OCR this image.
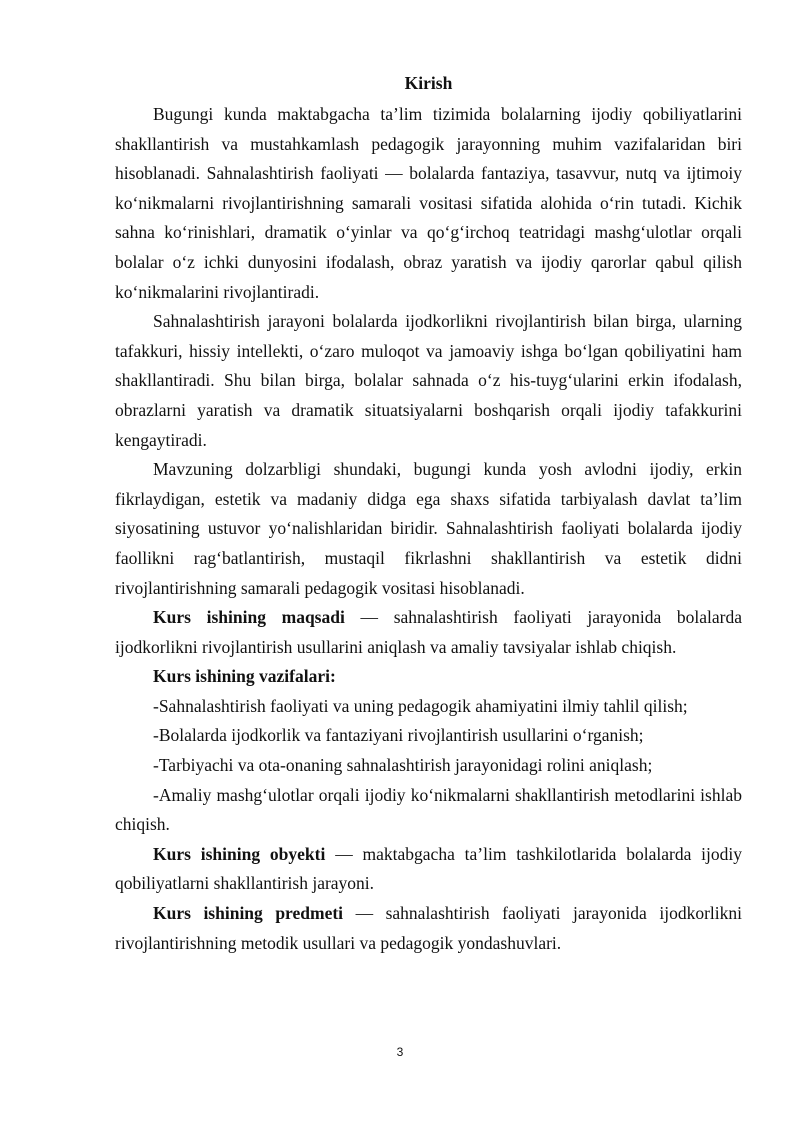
Kirish

Bugungi kunda maktabgacha ta’lim tizimida bolalarning ijodiy qobiliyatlarini shakllantirish va mustahkamlash pedagogik jarayonning muhim vazifalaridan biri hisoblanadi. Sahnalashtirish faoliyati — bolalarda fantaziya, tasavvur, nutq va ijtimoiy ko‘nikmalarni rivojlantirishning samarali vositasi sifatida alohida o‘rin tutadi. Kichik sahna ko‘rinishlari, dramatik o‘yinlar va qo‘g‘irchoq teatridagi mashg‘ulotlar orqali bolalar o‘z ichki dunyosini ifodalash, obraz yaratish va ijodiy qarorlar qabul qilish ko‘nikmalarini rivojlantiradi.

Sahnalashtirish jarayoni bolalarda ijodkorlikni rivojlantirish bilan birga, ularning tafakkuri, hissiy intellekti, o‘zaro muloqot va jamoaviy ishga bo‘lgan qobiliyatini ham shakllantiradi. Shu bilan birga, bolalar sahnada o‘z his-tuyg‘ularini erkin ifodalash, obrazlarni yaratish va dramatik situatsiyalarni boshqarish orqali ijodiy tafakkurini kengaytiradi.

Mavzuning dolzarbligi shundaki, bugungi kunda yosh avlodni ijodiy, erkin fikrlaydigan, estetik va madaniy didga ega shaxs sifatida tarbiyalash davlat ta’lim siyosatining ustuvor yo‘nalishlaridan biridir. Sahnalashtirish faoliyati bolalarda ijodiy faollikni rag‘batlantirish, mustaqil fikrlashni shakllantirish va estetik didni rivojlantirishning samarali pedagogik vositasi hisoblanadi.

Kurs ishining maqsadi — sahnalashtirish faoliyati jarayonida bolalarda ijodkorlikni rivojlantirish usullarini aniqlash va amaliy tavsiyalar ishlab chiqish.

Kurs ishining vazifalari:

-Sahnalashtirish faoliyati va uning pedagogik ahamiyatini ilmiy tahlil qilish;

-Bolalarda ijodkorlik va fantaziyani rivojlantirish usullarini o‘rganish;

-Tarbiyachi va ota-onaning sahnalashtirish jarayonidagi rolini aniqlash;

-Amaliy mashg‘ulotlar orqali ijodiy ko‘nikmalarni shakllantirish metodlarini ishlab chiqish.

Kurs ishining obyekti — maktabgacha ta’lim tashkilotlarida bolalarda ijodiy qobiliyatlarni shakllantirish jarayoni.

Kurs ishining predmeti — sahnalashtirish faoliyati jarayonida ijodkorlikni rivojlantirishning metodik usullari va pedagogik yondashuvlari.

3
